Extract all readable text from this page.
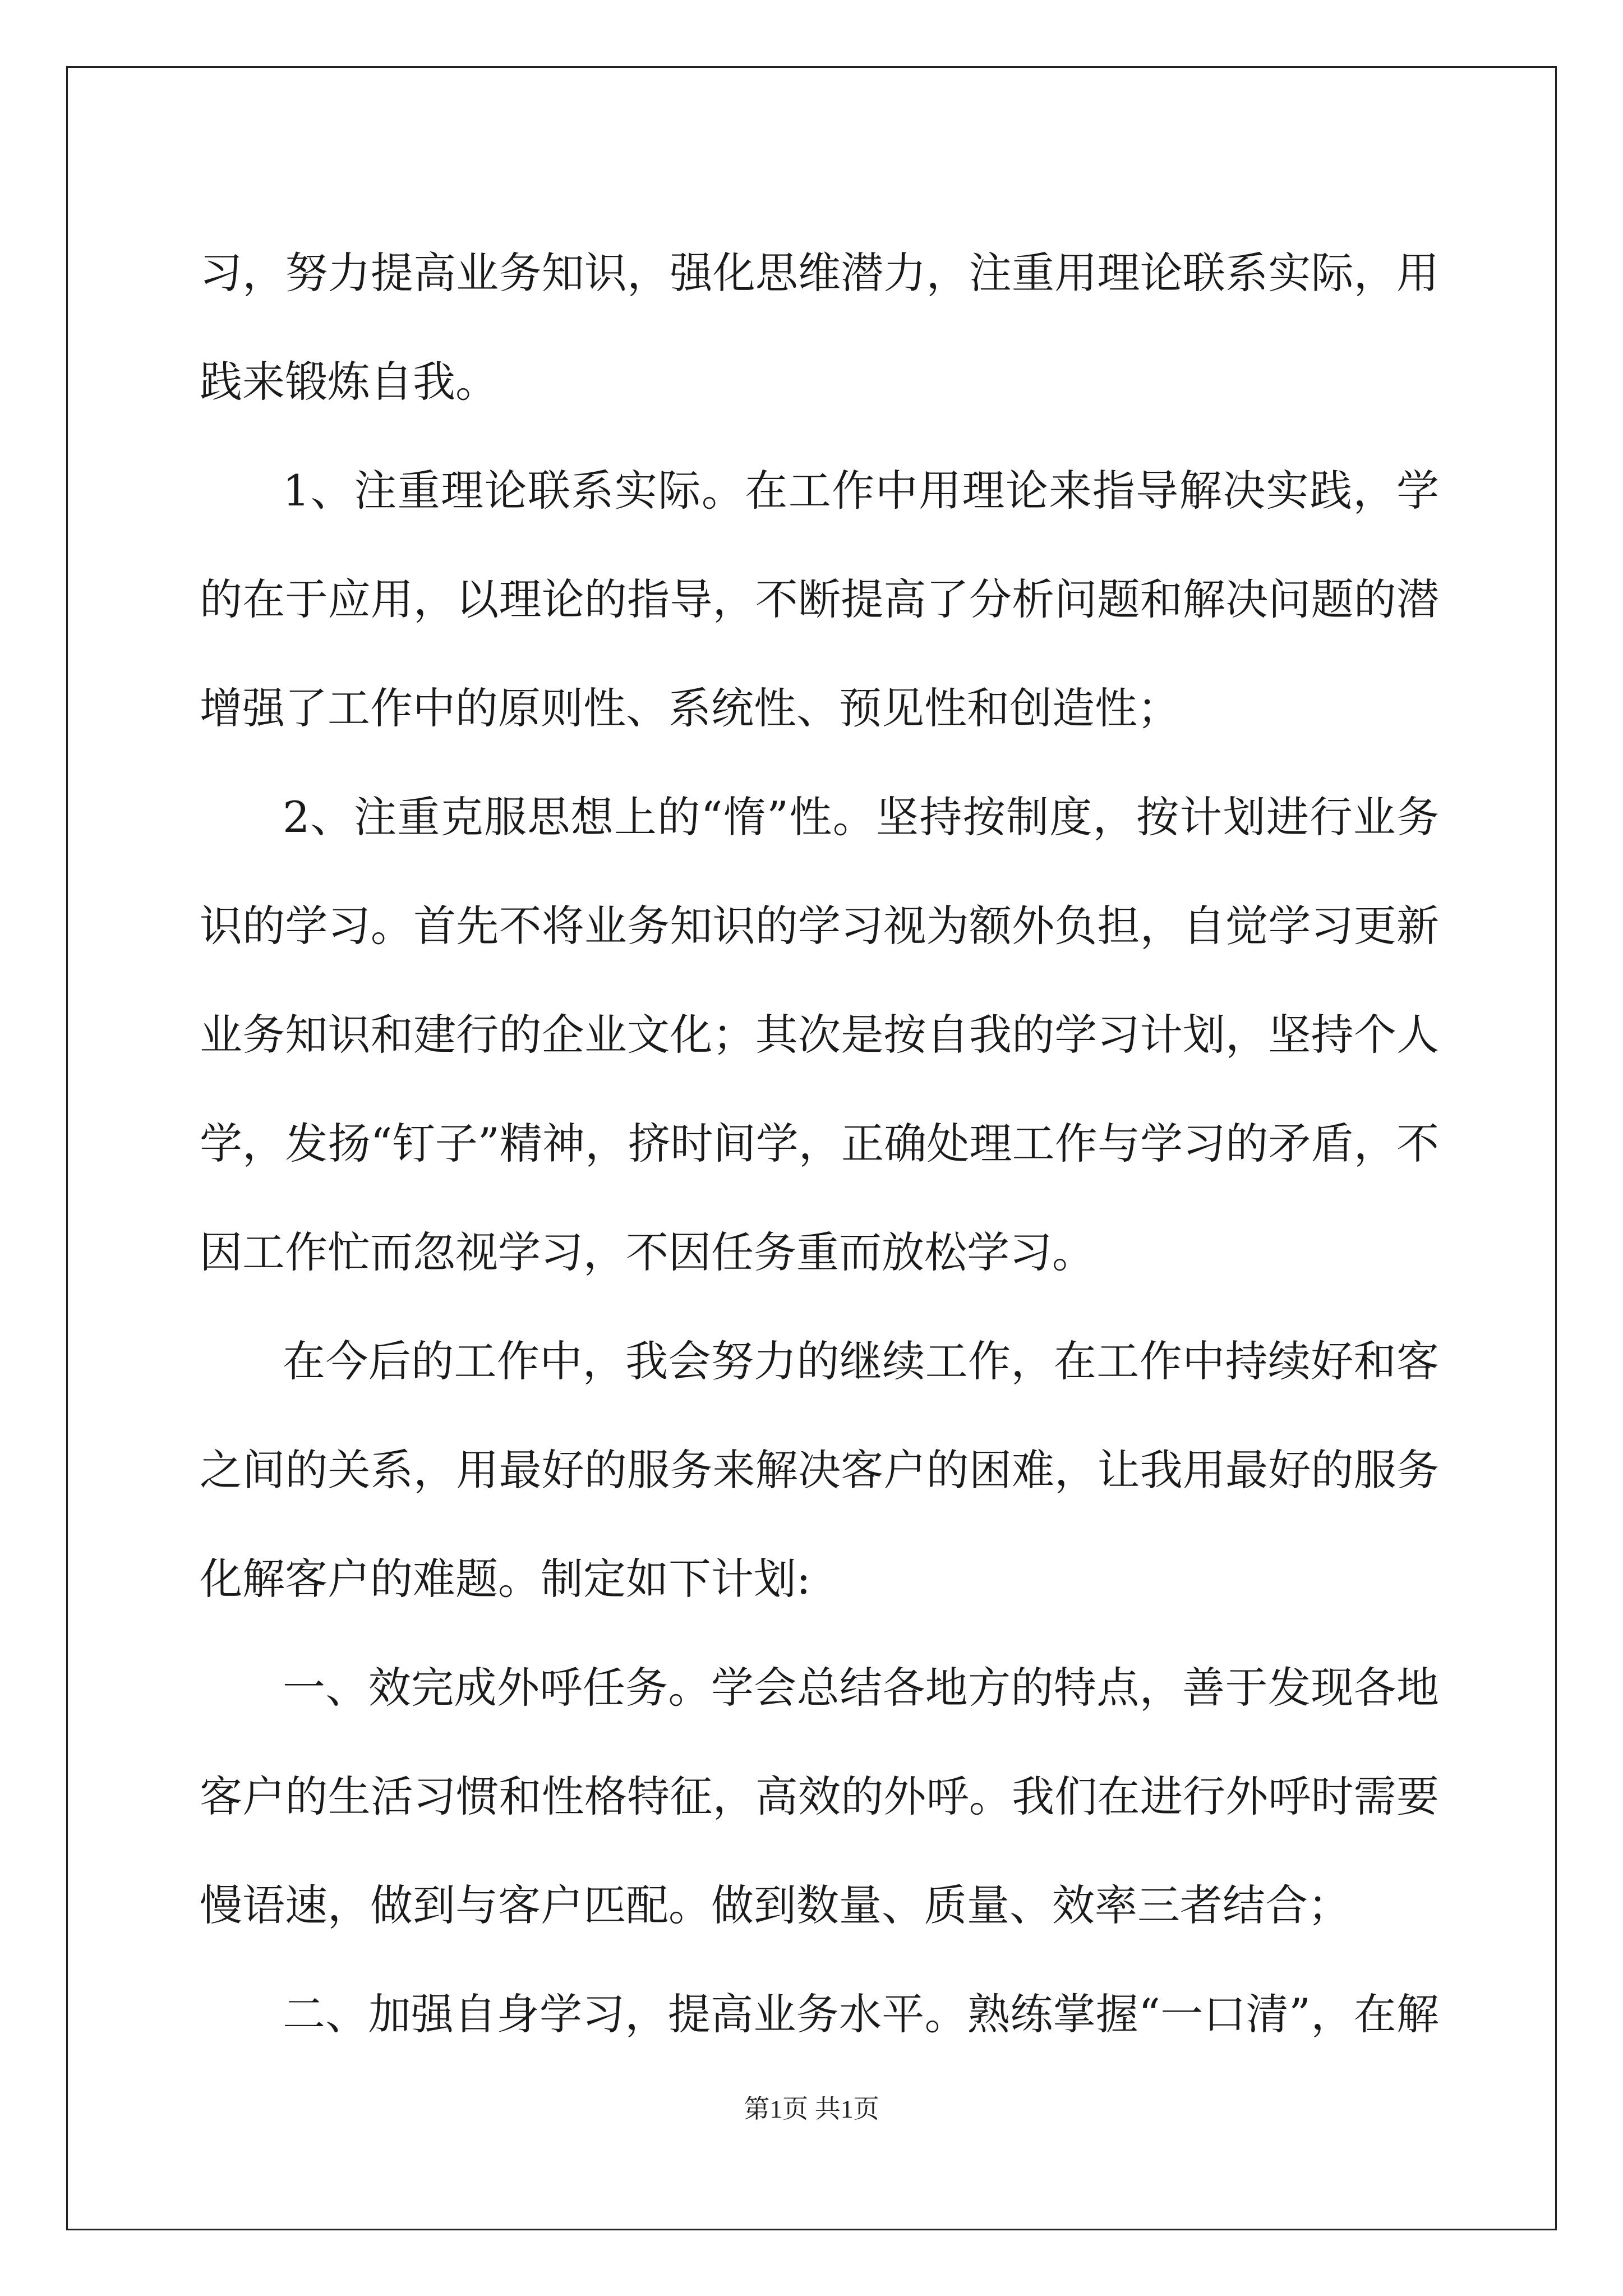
习，努力提高业务知识，强化思维潜力，注重用理论联系实际，用
践来锻炼自我。
1、注重理论联系实际。在工作中用理论来指导解决实践，学
的在于应用，以理论的指导，不断提高了分析问题和解决问题的潜
增强了工作中的原则性、系统性、预见性和创造性；
2、注重克服思想上的“惰”性。坚持按制度，按计划进行业务
识的学习。首先不将业务知识的学习视为额外负担，自觉学习更新
业务知识和建行的企业文化；其次是按自我的学习计划，坚持个人
学，发扬“钉子”精神，挤时间学，正确处理工作与学习的矛盾，不
因工作忙而忽视学习，不因任务重而放松学习。
在今后的工作中，我会努力的继续工作，在工作中持续好和客
之间的关系，用最好的服务来解决客户的困难，让我用最好的服务
化解客户的难题。制定如下计划:
一、效完成外呼任务。学会总结各地方的特点，善于发现各地
客户的生活习惯和性格特征，高效的外呼。我们在进行外呼时需要
慢语速，做到与客户匹配。做到数量、质量、效率三者结合；
二、加强自身学习，提高业务水平。熟练掌握“一口清”，在解
第1页 共1页
